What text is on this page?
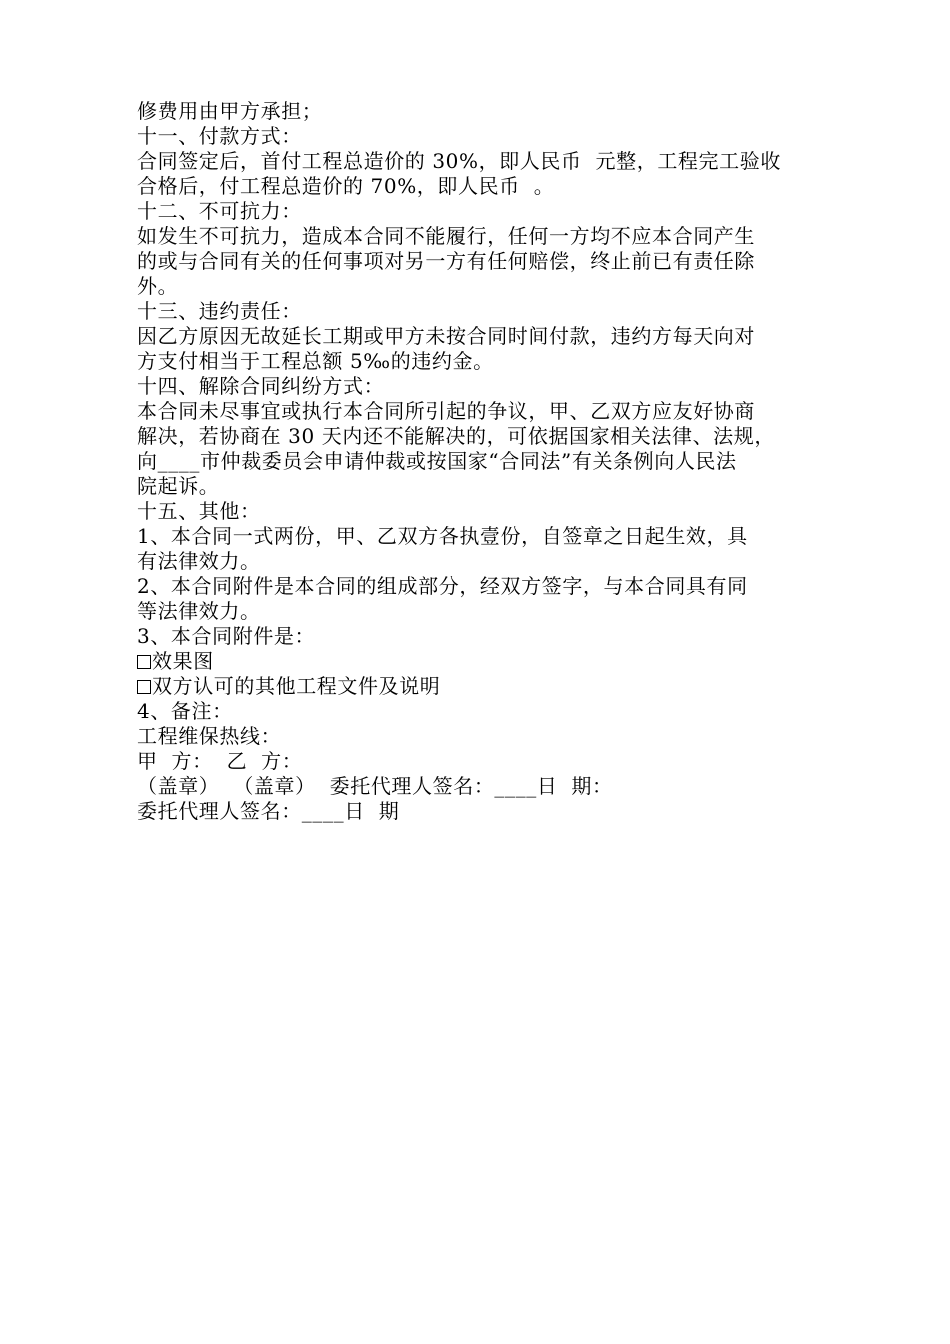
修费用由甲方承担；
十一、付款方式：
合同签定后，首付工程总造价的 30%，即人民币  元整，工程完工验收
合格后，付工程总造价的 70%，即人民币  。
十二、不可抗力：
如发生不可抗力，造成本合同不能履行，任何一方均不应本合同产生
的或与合同有关的任何事项对另一方有任何赔偿，终止前已有责任除
外。
十三、违约责任：
因乙方原因无故延长工期或甲方未按合同时间付款，违约方每天向对
方支付相当于工程总额 5‰的违约金。
十四、解除合同纠纷方式：
本合同未尽事宜或执行本合同所引起的争议，甲、乙双方应友好协商
解决，若协商在 30 天内还不能解决的，可依据国家相关法律、法规，
向____市仲裁委员会申请仲裁或按国家“合同法”有关条例向人民法
院起诉。
十五、其他：
1、本合同一式两份，甲、乙双方各执壹份，自签章之日起生效，具
有法律效力。
2、本合同附件是本合同的组成部分，经双方签字，与本合同具有同
等法律效力。
3、本合同附件是：
效果图
双方认可的其他工程文件及说明
4、备注：
工程维保热线：
甲  方：  乙  方：
（盖章）  （盖章）  委托代理人签名：____日  期：
委托代理人签名：____日  期
